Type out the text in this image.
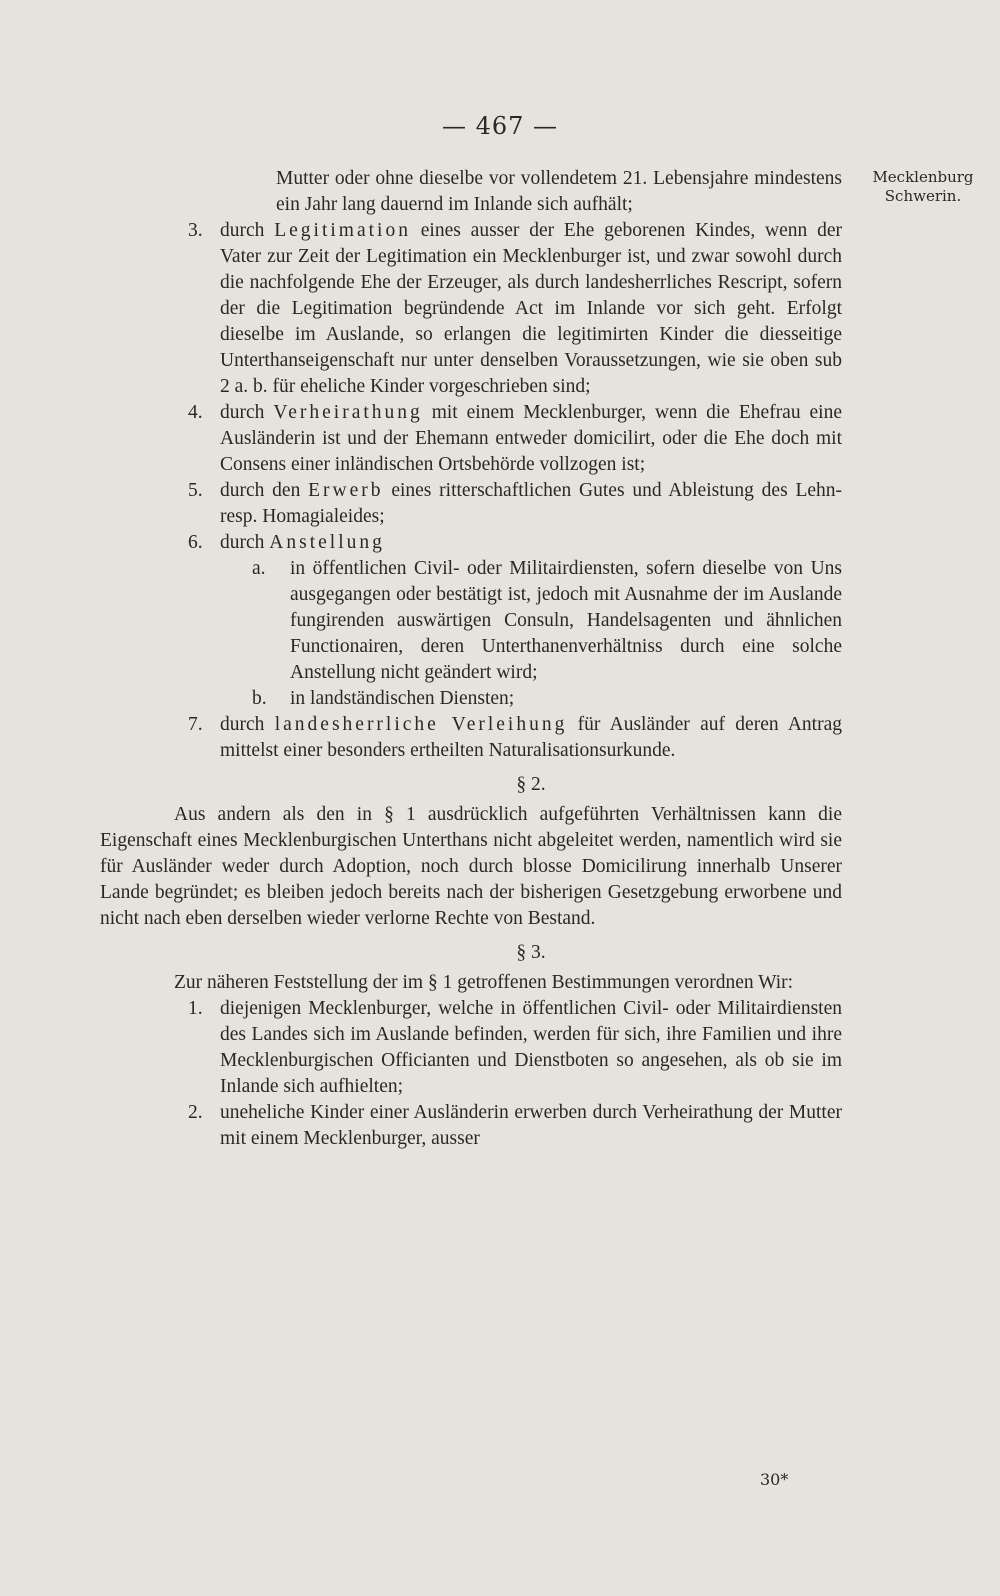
— 467 —
Mecklenburg
Schwerin.

Mutter oder ohne dieselbe vor vollendetem 21. Lebensjahre mindestens ein Jahr lang dauernd im Inlande sich aufhält;

3. durch Legitimation eines ausser der Ehe geborenen Kindes, wenn der Vater zur Zeit der Legitimation ein Mecklenburger ist, und zwar sowohl durch die nachfolgende Ehe der Erzeuger, als durch landesherrliches Rescript, sofern der die Legitimation begründende Act im Inlande vor sich geht. Erfolgt dieselbe im Auslande, so erlangen die legitimirten Kinder die diesseitige Unterthanseigenschaft nur unter denselben Voraussetzungen, wie sie oben sub 2 a. b. für eheliche Kinder vorgeschrieben sind;

4. durch Verheirathung mit einem Mecklenburger, wenn die Ehefrau eine Ausländerin ist und der Ehemann entweder domicilirt, oder die Ehe doch mit Consens einer inländischen Ortsbehörde vollzogen ist;

5. durch den Erwerb eines ritterschaftlichen Gutes und Ableistung des Lehn- resp. Homagialeides;

6. durch Anstellung

a. in öffentlichen Civil- oder Militairdiensten, sofern dieselbe von Uns ausgegangen oder bestätigt ist, jedoch mit Ausnahme der im Auslande fungirenden auswärtigen Consuln, Handelsagenten und ähnlichen Functionairen, deren Unterthanenverhältniss durch eine solche Anstellung nicht geändert wird;

b. in landständischen Diensten;

7. durch landesherrliche Verleihung für Ausländer auf deren Antrag mittelst einer besonders ertheilten Naturalisationsurkunde.

§ 2.

Aus andern als den in § 1 ausdrücklich aufgeführten Verhältnissen kann die Eigenschaft eines Mecklenburgischen Unterthans nicht abgeleitet werden, namentlich wird sie für Ausländer weder durch Adoption, noch durch blosse Domicilirung innerhalb Unserer Lande begründet; es bleiben jedoch bereits nach der bisherigen Gesetzgebung erworbene und nicht nach eben derselben wieder verlorne Rechte von Bestand.

§ 3.

Zur näheren Feststellung der im § 1 getroffenen Bestimmungen verordnen Wir:

1. diejenigen Mecklenburger, welche in öffentlichen Civil- oder Militairdiensten des Landes sich im Auslande befinden, werden für sich, ihre Familien und ihre Mecklenburgischen Officianten und Dienstboten so angesehen, als ob sie im Inlande sich aufhielten;

2. uneheliche Kinder einer Ausländerin erwerben durch Verheirathung der Mutter mit einem Mecklenburger, ausser

30*
